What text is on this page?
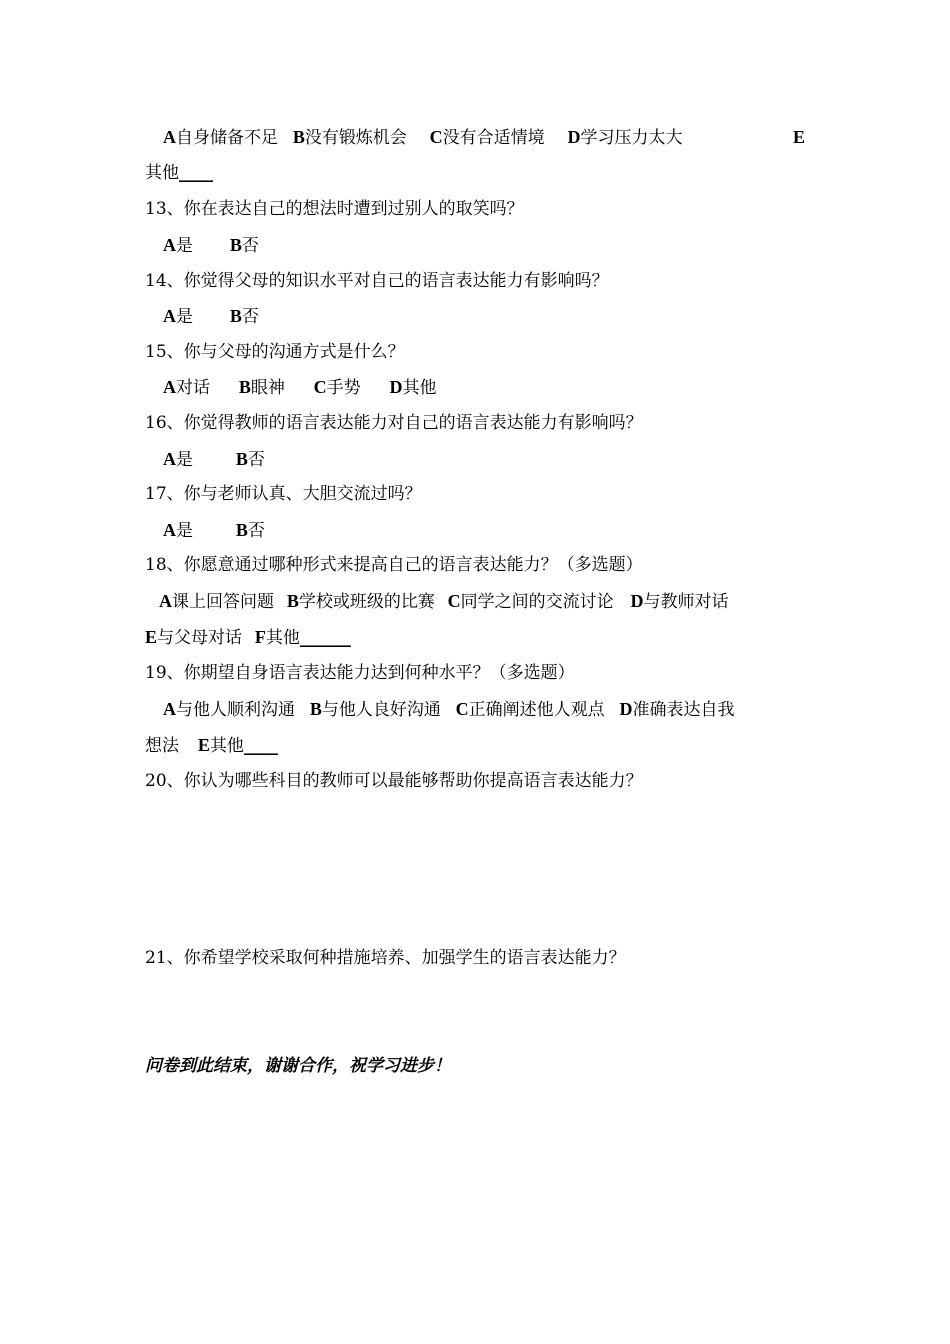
A自身储备不足 B没有锻炼机会 C没有合适情境 D学习压力太大	E
其他____
13、你在表达自己的想法时遭到过别人的取笑吗？
A是 B否
14、你觉得父母的知识水平对自己的语言表达能力有影响吗？
A是 B否
15、你与父母的沟通方式是什么？
A对话 B眼神 C手势 D其他
16、你觉得教师的语言表达能力对自己的语言表达能力有影响吗？
A是 B否
17、你与老师认真、大胆交流过吗？
A是 B否
18、你愿意通过哪种形式来提高自己的语言表达能力？（多选题）
A课上回答问题 B学校或班级的比赛 C同学之间的交流讨论 D与教师对话
E与父母对话 F其他______
19、你期望自身语言表达能力达到何种水平？（多选题）
A与他人顺利沟通 B与他人良好沟通 C正确阐述他人观点 D准确表达自我
想法 E其他____
20、你认为哪些科目的教师可以最能够帮助你提高语言表达能力？
21、你希望学校采取何种措施培养、加强学生的语言表达能力？
问卷到此结束，谢谢合作，祝学习进步！
